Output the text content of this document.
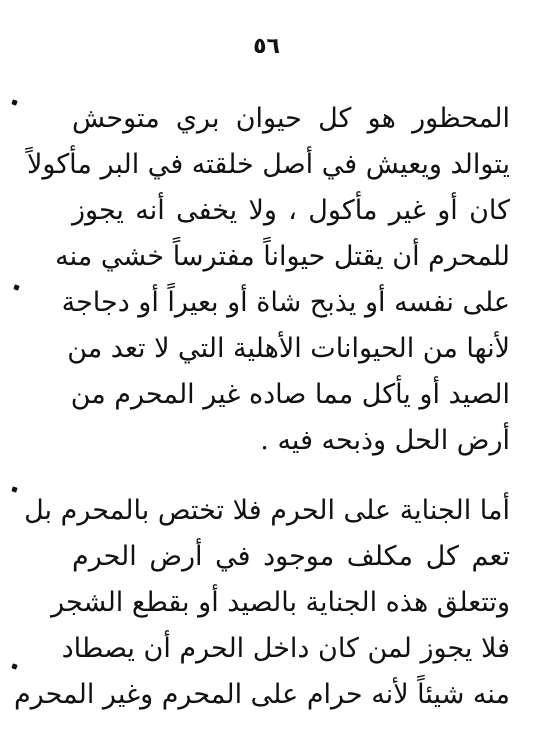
٥٦
المحظور هو كل حيوان بري متوحش
يتوالد ويعيش في أصل خلقته في البر مأكولاً
كان أو غير مأكول ، ولا يخفى أنه يجوز
للمحرم أن يقتل حيواناً مفترساً خشي منه
على نفسه أو يذبح شاة أو بعيراً أو دجاجة
لأنها من الحيوانات الأهلية التي لا تعد من
الصيد أو يأكل مما صاده غير المحرم من
أرض الحل وذبحه فيه .
أما الجناية على الحرم فلا تختص بالمحرم بل
تعم كل مكلف موجود في أرض الحرم
وتتعلق هذه الجناية بالصيد أو بقطع الشجر
فلا يجوز لمن كان داخل الحرم أن يصطاد
منه شيئاً لأنه حرام على المحرم وغير المحرم
